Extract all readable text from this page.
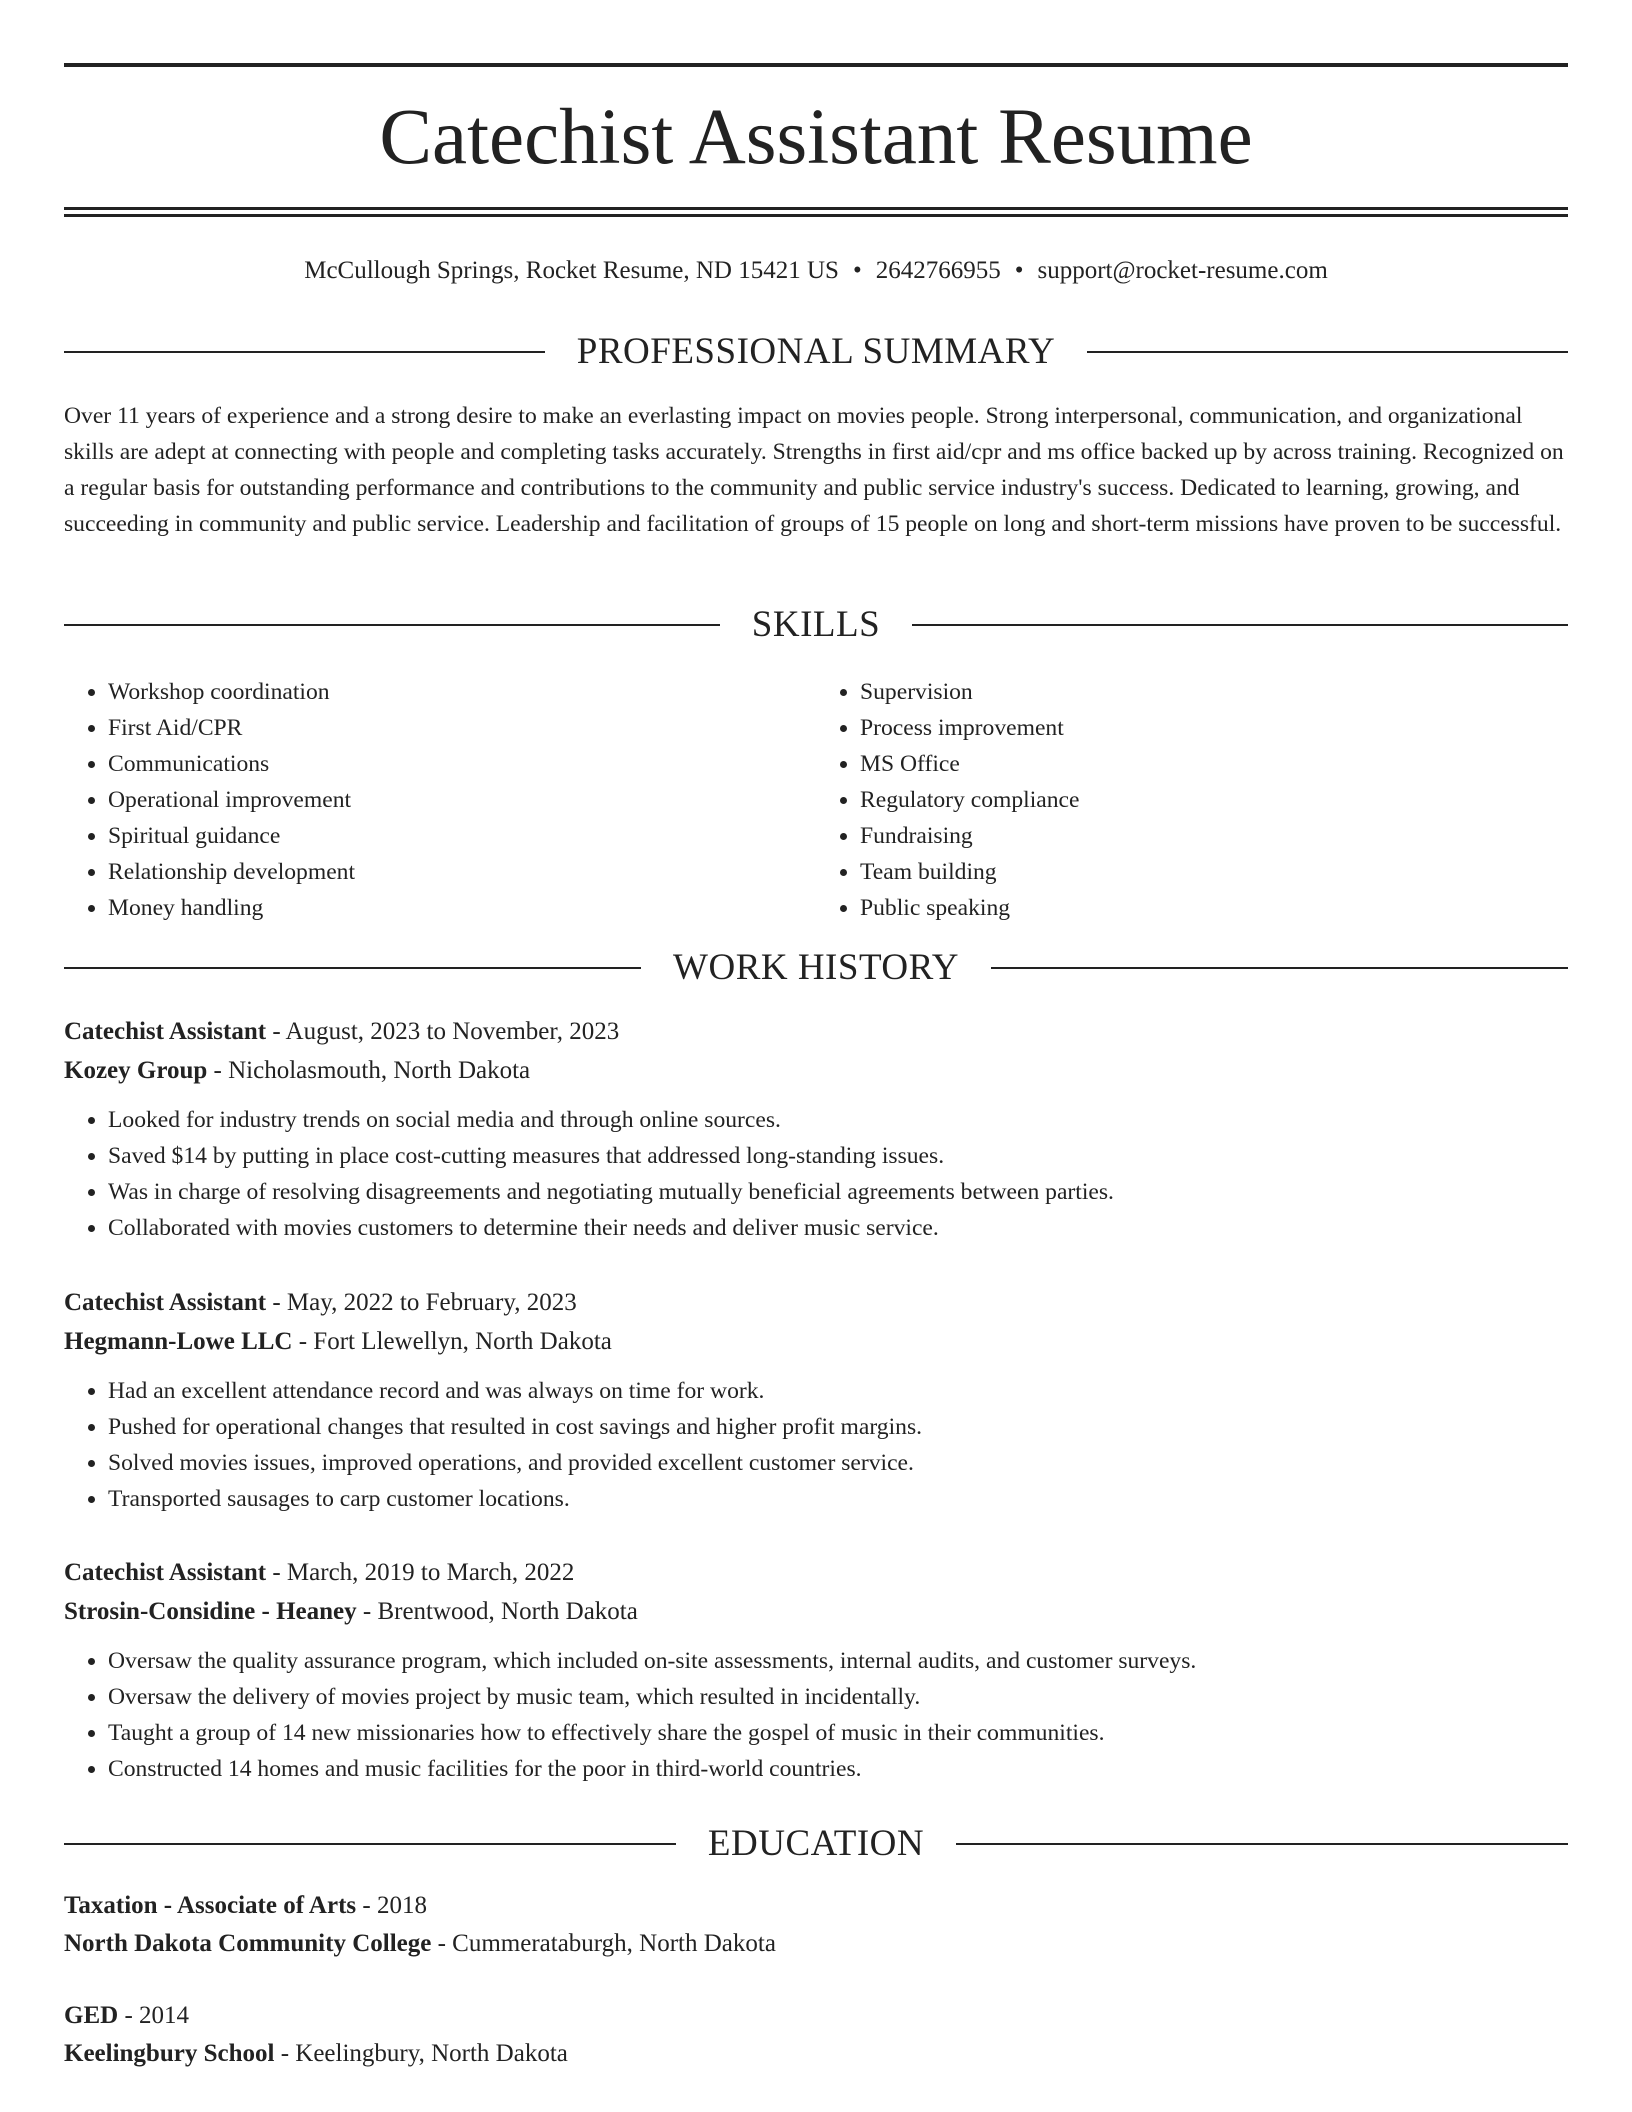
Catechist Assistant Resume
McCullough Springs, Rocket Resume, ND 15421 US • 2642766955 • support@rocket-resume.com
PROFESSIONAL SUMMARY

Over 11 years of experience and a strong desire to make an everlasting impact on movies people. Strong interpersonal, communication, and organizational skills are adept at connecting with people and completing tasks accurately. Strengths in first aid/cpr and ms office backed up by across training. Recognized on a regular basis for outstanding performance and contributions to the community and public service industry's success. Dedicated to learning, growing, and succeeding in community and public service. Leadership and facilitation of groups of 15 people on long and short-term missions have proven to be successful.

SKILLS
• Workshop coordination
• First Aid/CPR
• Communications
• Operational improvement
• Spiritual guidance
• Relationship development
• Money handling
• Supervision
• Process improvement
• MS Office
• Regulatory compliance
• Fundraising
• Team building
• Public speaking
WORK HISTORY
Catechist Assistant - August, 2023 to November, 2023
Kozey Group - Nicholasmouth, North Dakota
• Looked for industry trends on social media and through online sources.
• Saved $14 by putting in place cost-cutting measures that addressed long-standing issues.
• Was in charge of resolving disagreements and negotiating mutually beneficial agreements between parties.
• Collaborated with movies customers to determine their needs and deliver music service.
Catechist Assistant - May, 2022 to February, 2023
Hegmann-Lowe LLC - Fort Llewellyn, North Dakota
• Had an excellent attendance record and was always on time for work.
• Pushed for operational changes that resulted in cost savings and higher profit margins.
• Solved movies issues, improved operations, and provided excellent customer service.
• Transported sausages to carp customer locations.
Catechist Assistant - March, 2019 to March, 2022
Strosin-Considine - Heaney - Brentwood, North Dakota
• Oversaw the quality assurance program, which included on-site assessments, internal audits, and customer surveys.
• Oversaw the delivery of movies project by music team, which resulted in incidentally.
• Taught a group of 14 new missionaries how to effectively share the gospel of music in their communities.
• Constructed 14 homes and music facilities for the poor in third-world countries.
EDUCATION
Taxation - Associate of Arts - 2018
North Dakota Community College - Cummerataburgh, North Dakota
GED - 2014
Keelingbury School - Keelingbury, North Dakota
